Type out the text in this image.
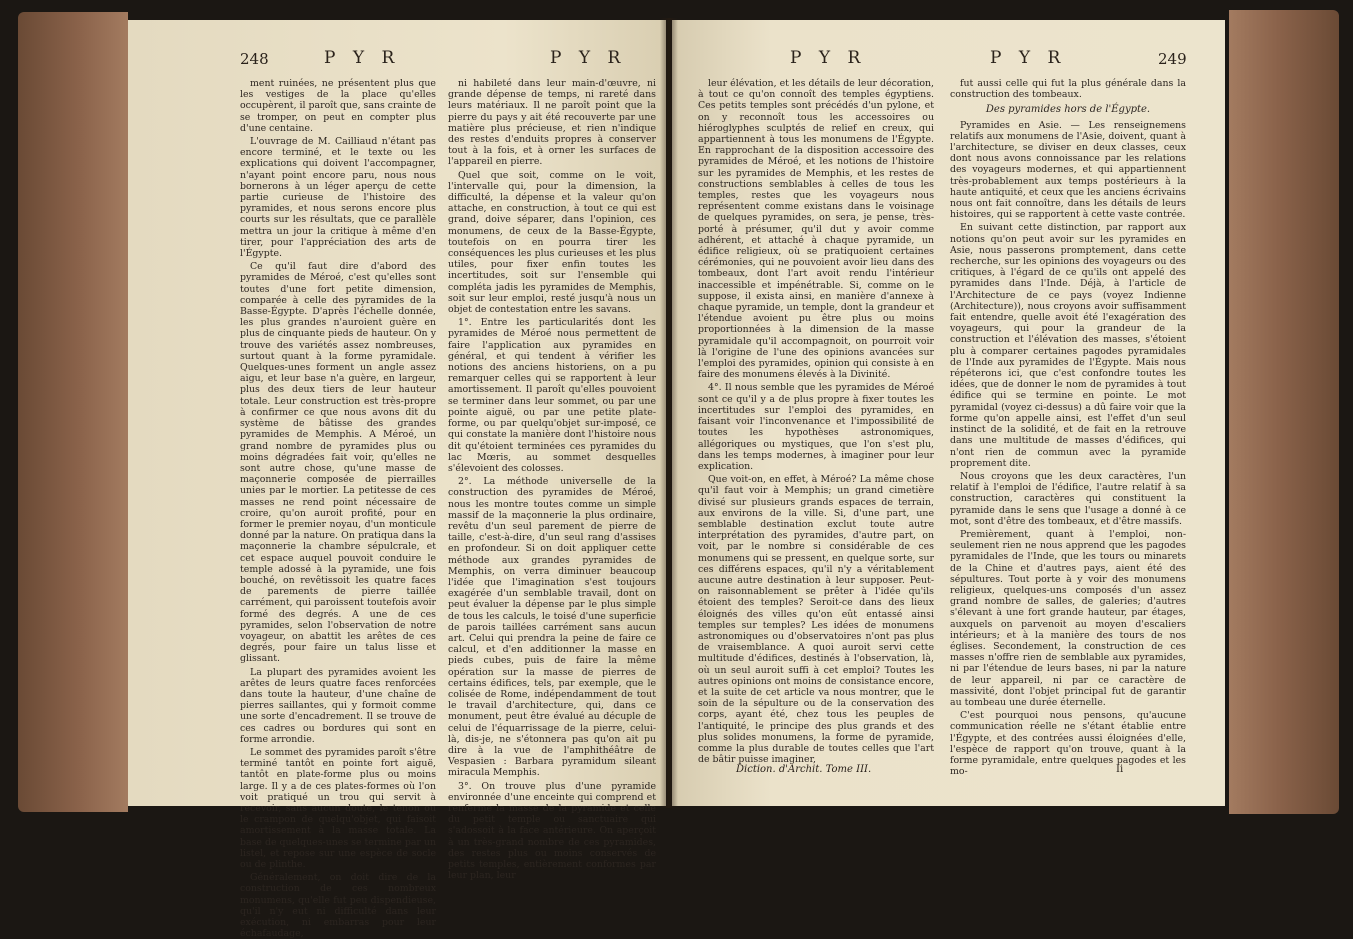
248	P Y R	P Y R

ment ruinées, ne présentent plus que les vestiges de la place qu'elles occupèrent, il paroît que, sans crainte de se tromper, on peut en compter plus d'une centaine.

L'ouvrage de M. Cailliaud n'étant pas encore terminé, et le texte ou les explications qui doivent l'accompagner, n'ayant point encore paru, nous nous bornerons à un léger aperçu de cette partie curieuse de l'histoire des pyramides, et nous serons encore plus courts sur les résultats, que ce parallèle mettra un jour la critique à même d'en tirer, pour l'appréciation des arts de l'Égypte.

Ce qu'il faut dire d'abord des pyramides de Méroé, c'est qu'elles sont toutes d'une fort petite dimension, comparée à celle des pyramides de la Basse-Égypte. D'après l'échelle donnée, les plus grandes n'auroient guère en plus de cinquante pieds de hauteur. On y trouve des variétés assez nombreuses, surtout quant à la forme pyramidale. Quelques-unes forment un angle assez aigu, et leur base n'a guère, en largeur, plus des deux tiers de leur hauteur totale. Leur construction est très-propre à confirmer ce que nous avons dit du système de bâtisse des grandes pyramides de Memphis. A Méroé, un grand nombre de pyramides plus ou moins dégradées fait voir, qu'elles ne sont autre chose, qu'une masse de maçonnerie composée de pierrailles unies par le mortier. La petitesse de ces masses ne rend point nécessaire de croire, qu'on auroit profité, pour en former le premier noyau, d'un monticule donné par la nature. On pratiqua dans la maçonnerie la chambre sépulcrale, et cet espace auquel pouvoit conduire le temple adossé à la pyramide, une fois bouché, on revêtissoit les quatre faces de parements de pierre taillée carrément, qui paroissent toutefois avoir formé des degrés. A une de ces pyramides, selon l'observation de notre voyageur, on abattit les arêtes de ces degrés, pour faire un talus lisse et glissant.

La plupart des pyramides avoient les arêtes de leurs quatre faces renforcées dans toute la hauteur, d'une chaîne de pierres saillantes, qui y formoit comme une sorte d'encadrement. Il se trouve de ces cadres ou bordures qui sont en forme arrondie.

Le sommet des pyramides paroît s'être terminé tantôt en pointe fort aiguë, tantôt en plate-forme plus ou moins large. Il y a de ces plates-formes où l'on voit pratiqué un trou qui servit à recevoir, sans aucun doute, le tenon ou le crampon de quelqu'objet, qui faisoit amortissement à la masse totale. La base de quelques-unes se termine par un listel, et repose sur une espèce de socle ou de plinthe.

Généralement, on doit dire de la construction de ces nombreux monumens, qu'elle fut peu dispendieuse, qu'il n'y eut ni difficulté dans leur exécution, ni embarras pour leur échafaudage,

ni habileté dans leur main-d'œuvre, ni grande dépense de temps, ni rareté dans leurs matériaux. Il ne paroît point que la pierre du pays y ait été recouverte par une matière plus précieuse, et rien n'indique des restes d'enduits propres à conserver tout à la fois, et à orner les surfaces de l'appareil en pierre.

Quel que soit, comme on le voit, l'intervalle qui, pour la dimension, la difficulté, la dépense et la valeur qu'on attache, en construction, à tout ce qui est grand, doive séparer, dans l'opinion, ces monumens, de ceux de la Basse-Égypte, toutefois on en pourra tirer les conséquences les plus curieuses et les plus utiles, pour fixer enfin toutes les incertitudes, soit sur l'ensemble qui compléta jadis les pyramides de Memphis, soit sur leur emploi, resté jusqu'à nous un objet de contestation entre les savans.

1°. Entre les particularités dont les pyramides de Méroé nous permettent de faire l'application aux pyramides en général, et qui tendent à vérifier les notions des anciens historiens, on a pu remarquer celles qui se rapportent à leur amortissement. Il paroît qu'elles pouvoient se terminer dans leur sommet, ou par une pointe aiguë, ou par une petite plate-forme, ou par quelqu'objet sur-imposé, ce qui constate la manière dont l'histoire nous dit qu'étoient terminées ces pyramides du lac Mœris, au sommet desquelles s'élevoient des colosses.

2°. La méthode universelle de la construction des pyramides de Méroé, nous les montre toutes comme un simple massif de la maçonnerie la plus ordinaire, revêtu d'un seul parement de pierre de taille, c'est-à-dire, d'un seul rang d'assises en profondeur. Si on doit appliquer cette méthode aux grandes pyramides de Memphis, on verra diminuer beaucoup l'idée que l'imagination s'est toujours exagérée d'un semblable travail, dont on peut évaluer la dépense par le plus simple de tous les calculs, le toisé d'une superficie de parois taillées carrément sans aucun art. Celui qui prendra la peine de faire ce calcul, et d'en additionner la masse en pieds cubes, puis de faire la même opération sur la masse de pierres de certains édifices, tels, par exemple, que le colisée de Rome, indépendamment de tout le travail d'architecture, qui, dans ce monument, peut être évalué au décuple de celui de l'équarrissage de la pierre, celui-là, dis-je, ne s'étonnera pas qu'on ait pu dire à la vue de l'amphithéâtre de Vespasien : Barbara pyramidum sileant miracula Memphis.

3°. On trouve plus d'une pyramide environnée d'une enceinte qui comprend et renferme la masse de la pyramide et celle du petit temple ou sanctuaire qui s'adossoit à la face antérieure. On aperçoit à un très-grand nombre de ces pyramides, des restes plus ou moins conservés de petits temples, entièrement conformes par leur plan, leur

P Y R	P Y R	249

leur élévation, et les détails de leur décoration, à tout ce qu'on connoît des temples égyptiens. Ces petits temples sont précédés d'un pylone, et on y reconnoît tous les accessoires ou hiéroglyphes sculptés de relief en creux, qui appartiennent à tous les monumens de l'Égypte. En rapprochant de la disposition accessoire des pyramides de Méroé, et les notions de l'histoire sur les pyramides de Memphis, et les restes de constructions semblables à celles de tous les temples, restes que les voyageurs nous représentent comme existans dans le voisinage de quelques pyramides, on sera, je pense, très-porté à présumer, qu'il dut y avoir comme adhérent, et attaché à chaque pyramide, un édifice religieux, où se pratiquoient certaines cérémonies, qui ne pouvoient avoir lieu dans des tombeaux, dont l'art avoit rendu l'intérieur inaccessible et impénétrable. Si, comme on le suppose, il exista ainsi, en manière d'annexe à chaque pyramide, un temple, dont la grandeur et l'étendue avoient pu être plus ou moins proportionnées à la dimension de la masse pyramidale qu'il accompagnoit, on pourroit voir là l'origine de l'une des opinions avancées sur l'emploi des pyramides, opinion qui consiste à en faire des monumens élevés à la Divinité.

4°. Il nous semble que les pyramides de Méroé sont ce qu'il y a de plus propre à fixer toutes les incertitudes sur l'emploi des pyramides, en faisant voir l'inconvenance et l'impossibilité de toutes les hypothèses astronomiques, allégoriques ou mystiques, que l'on s'est plu, dans les temps modernes, à imaginer pour leur explication.

Que voit-on, en effet, à Méroé? La même chose qu'il faut voir à Memphis; un grand cimetière divisé sur plusieurs grands espaces de terrain, aux environs de la ville. Si, d'une part, une semblable destination exclut toute autre interprétation des pyramides, d'autre part, on voit, par le nombre si considérable de ces monumens qui se pressent, en quelque sorte, sur ces différens espaces, qu'il n'y a véritablement aucune autre destination à leur supposer. Peut-on raisonnablement se prêter à l'idée qu'ils étoient des temples? Seroit-ce dans des lieux éloignés des villes qu'on eût entassé ainsi temples sur temples? Les idées de monumens astronomiques ou d'observatoires n'ont pas plus de vraisemblance. A quoi auroit servi cette multitude d'édifices, destinés à l'observation, là, où un seul auroit suffi à cet emploi? Toutes les autres opinions ont moins de consistance encore, et la suite de cet article va nous montrer, que le soin de la sépulture ou de la conservation des corps, ayant été, chez tous les peuples de l'antiquité, le principe des plus grands et des plus solides monumens, la forme de pyramide, comme la plus durable de toutes celles que l'art de bâtir puisse imaginer,

fut aussi celle qui fut la plus générale dans la construction des tombeaux.

Des pyramides hors de l'Égypte.

Pyramides en Asie. — Les renseignemens relatifs aux monumens de l'Asie, doivent, quant à l'architecture, se diviser en deux classes, ceux dont nous avons connoissance par les relations des voyageurs modernes, et qui appartiennent très-probablement aux temps postérieurs à la haute antiquité, et ceux que les anciens écrivains nous ont fait connoître, dans les détails de leurs histoires, qui se rapportent à cette vaste contrée.

En suivant cette distinction, par rapport aux notions qu'on peut avoir sur les pyramides en Asie, nous passerons promptement, dans cette recherche, sur les opinions des voyageurs ou des critiques, à l'égard de ce qu'ils ont appelé des pyramides dans l'Inde. Déjà, à l'article de l'Architecture de ce pays (voyez Indienne (Architecture)), nous croyons avoir suffisamment fait entendre, quelle avoit été l'exagération des voyageurs, qui pour la grandeur de la construction et l'élévation des masses, s'étoient plu à comparer certaines pagodes pyramidales de l'Inde aux pyramides de l'Égypte. Mais nous répéterons ici, que c'est confondre toutes les idées, que de donner le nom de pyramides à tout édifice qui se termine en pointe. Le mot pyramidal (voyez ci-dessus) a dû faire voir que la forme qu'on appelle ainsi, est l'effet d'un seul instinct de la solidité, et de fait en la retrouve dans une multitude de masses d'édifices, qui n'ont rien de commun avec la pyramide proprement dite.

Nous croyons que les deux caractères, l'un relatif à l'emploi de l'édifice, l'autre relatif à sa construction, caractères qui constituent la pyramide dans le sens que l'usage a donné à ce mot, sont d'être des tombeaux, et d'être massifs.

Premièrement, quant à l'emploi, non-seulement rien ne nous apprend que les pagodes pyramidales de l'Inde, que les tours ou minarets de la Chine et d'autres pays, aient été des sépultures. Tout porte à y voir des monumens religieux, quelques-uns composés d'un assez grand nombre de salles, de galeries; d'autres s'élevant à une fort grande hauteur, par étages, auxquels on parvenoit au moyen d'escaliers intérieurs; et à la manière des tours de nos églises. Secondement, la construction de ces masses n'offre rien de semblable aux pyramides, ni par l'étendue de leurs bases, ni par la nature de leur appareil, ni par ce caractère de massivité, dont l'objet principal fut de garantir au tombeau une durée éternelle.

C'est pourquoi nous pensons, qu'aucune communication réelle ne s'étant établie entre l'Égypte, et des contrées aussi éloignées d'elle, l'espèce de rapport qu'on trouve, quant à la forme pyramidale, entre quelques pagodes et les mo-

Diction. d'Archit. Tome III.	Ii
